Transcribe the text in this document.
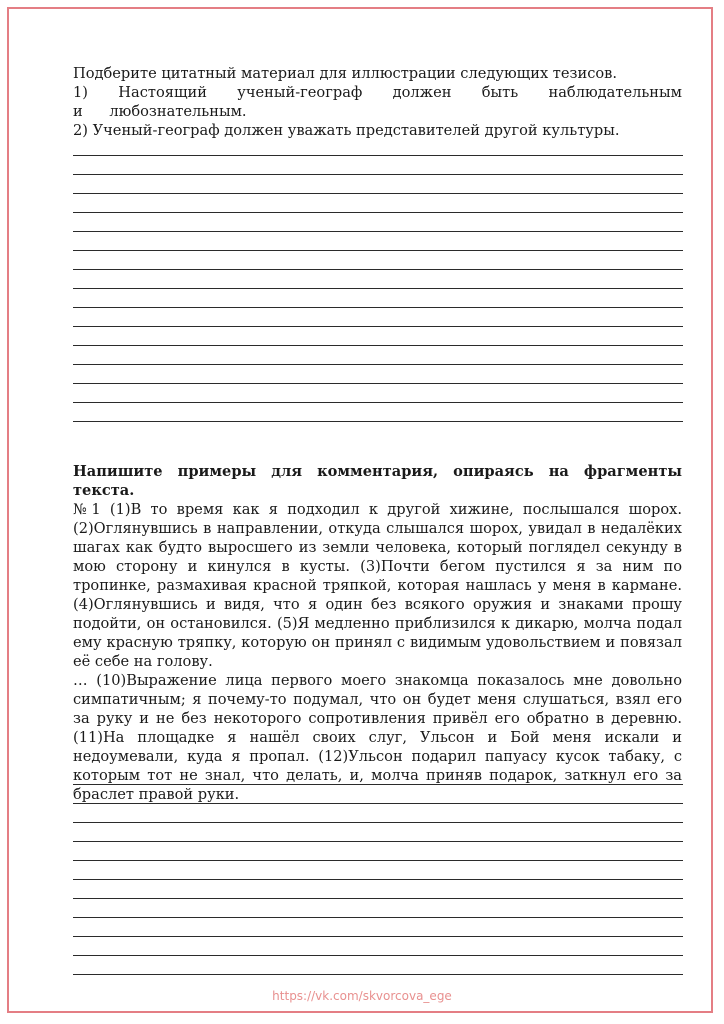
Подберите цитатный материал для иллюстрации следующих тезисов.

1) Настоящий ученый-географ должен быть наблюдательным и любознательным.

2) Ученый-географ должен уважать представителей другой культуры.

Напишите примеры для комментария, опираясь на фрагменты текста.

№1 (1)В то время как я подходил к другой хижине, послышался шорох. (2)Оглянувшись в направлении, откуда слышался шорох, увидал в недалёких шагах как будто выросшего из земли человека, который поглядел секунду в мою сторону и кинулся в кусты. (3)Почти бегом пустился я за ним по тропинке, размахивая красной тряпкой, которая нашлась у меня в кармане. (4)Оглянувшись и видя, что я один без всякого оружия и знаками прошу подойти, он остановился. (5)Я медленно приблизился к дикарю, молча подал ему красную тряпку, которую он принял с видимым удовольствием и повязал её себе на голову.

… (10)Выражение лица первого моего знакомца показалось мне довольно симпатичным; я почему-то подумал, что он будет меня слушаться, взял его за руку и не без некоторого сопротивления привёл его обратно в деревню. (11)На площадке я нашёл своих слуг, Ульсон и Бой меня искали и недоумевали, куда я пропал. (12)Ульсон подарил папуасу кусок табаку, с которым тот не знал, что делать, и, молча приняв подарок, заткнул его за браслет правой руки.

https://vk.com/skvorcova_ege
